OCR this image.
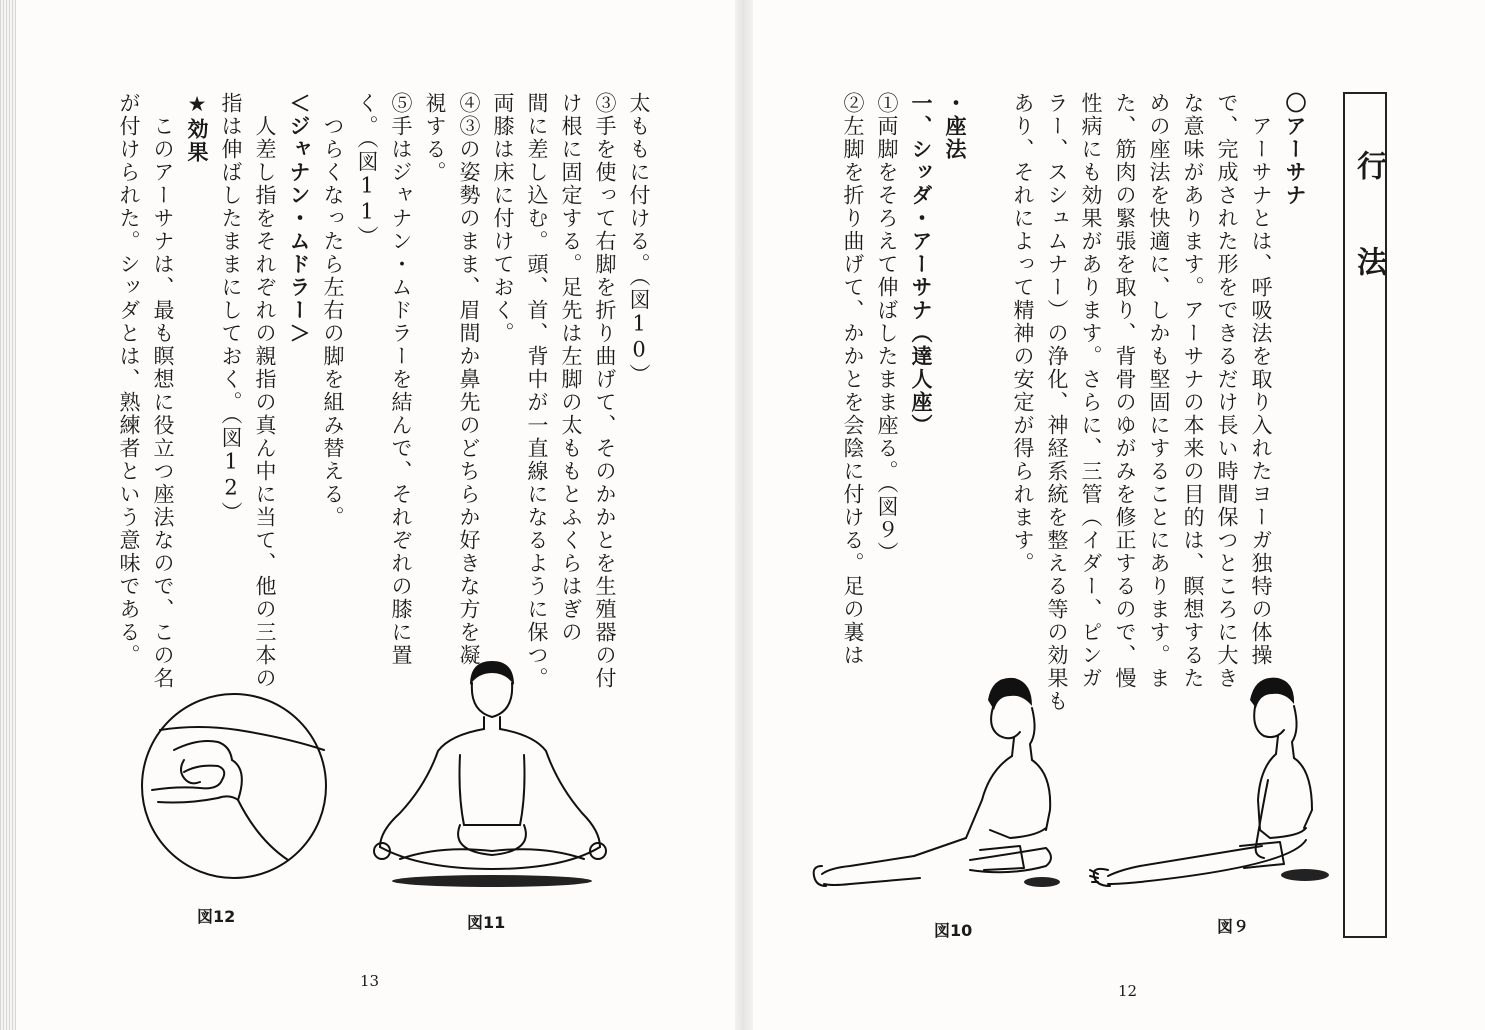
行　法
〇アーサナ
　アーサナとは、呼吸法を取り入れたヨーガ独特の体操
で、完成された形をできるだけ長い時間保つところに大き
な意味があります。アーサナの本来の目的は、瞑想するた
めの座法を快適に、しかも堅固にすることにあります。ま
た、筋肉の緊張を取り、背骨のゆがみを修正するので、慢
性病にも効果があります。さらに、三管（イダー、ピンガ
ラー、スシュムナー）の浄化、神経系統を整える等の効果も
あり、それによって精神の安定が得られます。
・座法
一、シッダ・アーサナ（達人座）
①両脚をそろえて伸ばしたまま座る。（図９）
②左脚を折り曲げて、かかとを会陰に付ける。足の裏は
図９
図10
12
太ももに付ける。（図10）
③手を使って右脚を折り曲げて、そのかかとを生殖器の付
け根に固定する。足先は左脚の太ももとふくらはぎの
間に差し込む。頭、首、背中が一直線になるように保つ。
両膝は床に付けておく。
④③の姿勢のまま、眉間か鼻先のどちらか好きな方を凝
視する。
⑤手はジャナン・ムドラーを結んで、それぞれの膝に置
く。（図11）
　つらくなったら左右の脚を組み替える。
＜ジャナン・ムドラー＞
　人差し指をそれぞれの親指の真ん中に当て、他の三本の
指は伸ばしたままにしておく。（図12）
★効果
　このアーサナは、最も瞑想に役立つ座法なので、この名
が付けられた。シッダとは、熟練者という意味である。
図11
図12
13
